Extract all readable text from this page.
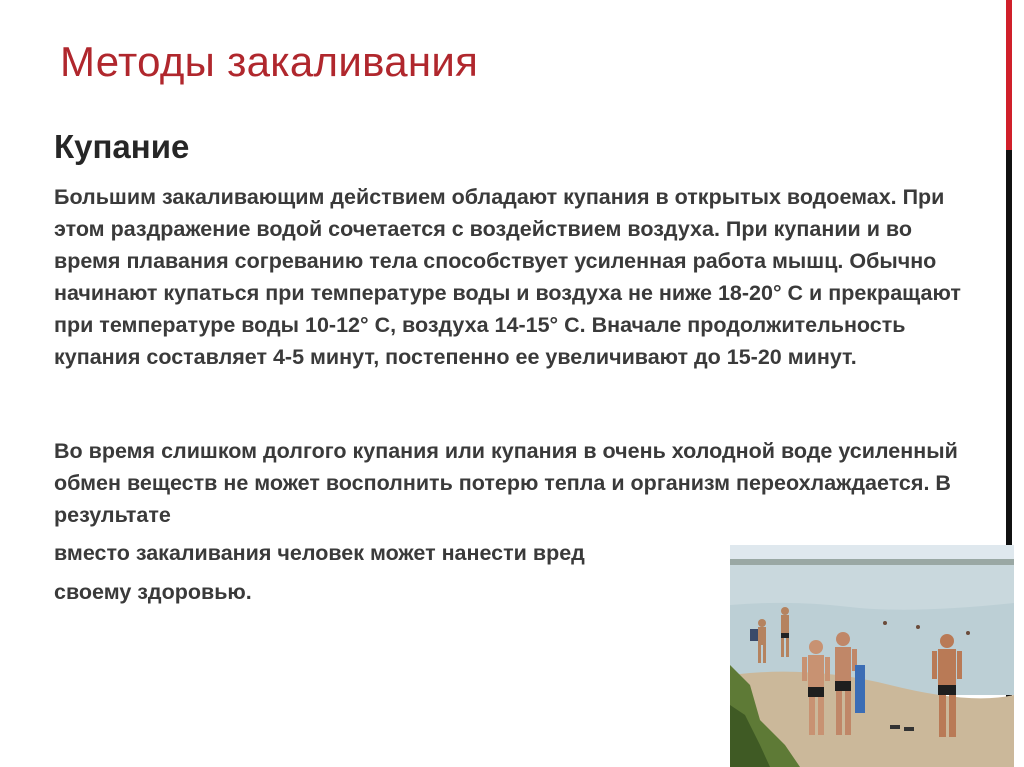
Методы закаливания
Купание

Большим закаливающим действием обладают купания в открытых водоемах. При этом раздражение водой сочетается с воздействием воздуха. При купании и во время плавания согреванию тела способствует усиленная работа мышц. Обычно начинают купаться при температуре воды и воздуха не ниже 18-20° С и прекращают при температуре воды 10-12° С, воздуха 14-15° С. Вначале продолжительность купания составляет 4-5 минут, постепенно ее увеличивают до 15-20 минут.

Во время слишком долгого купания или купания в очень холодной воде усиленный обмен веществ не может восполнить потерю тепла и организм переохлаждается. В результате

вместо закаливания человек может нанести вред

своему здоровью.
